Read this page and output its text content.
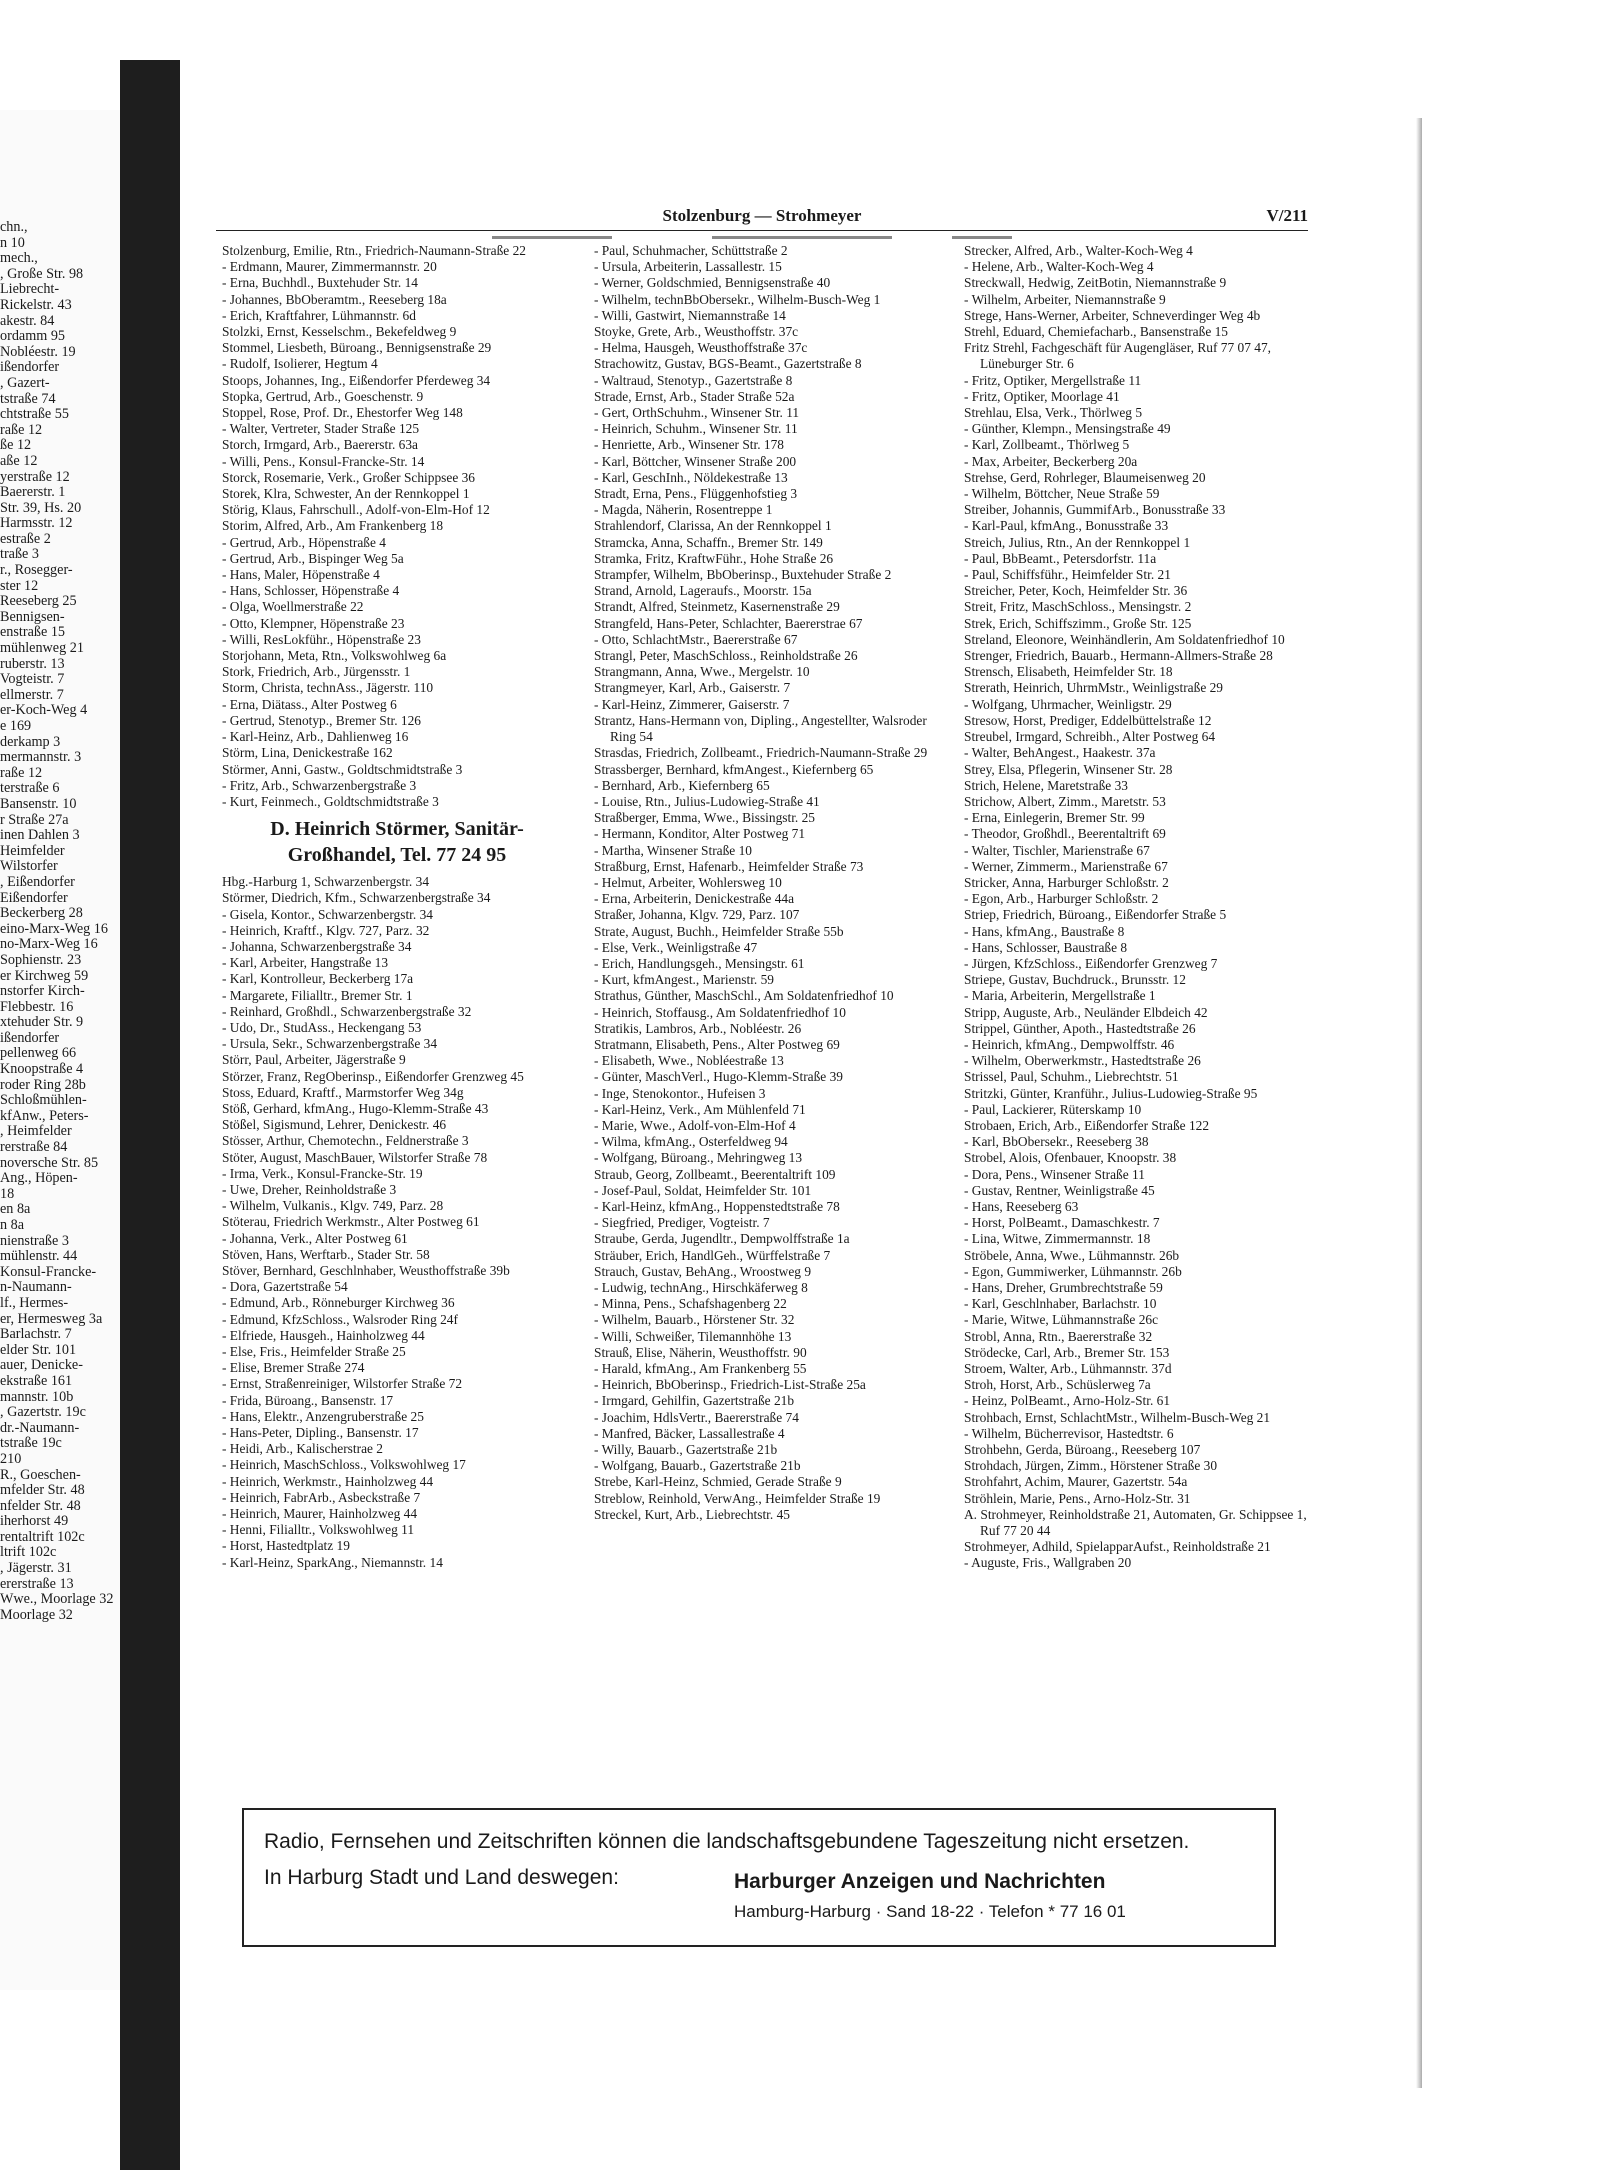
chn.,
n 10
mech.,
, Große Str. 98
Liebrecht-
Rickelstr. 43
akestr. 84
ordamm 95
Nobléestr. 19
ißendorfer
, Gazert-
tstraße 74
chtstraße 55
raße 12
ße 12
aße 12
yerstraße 12
Baererstr. 1
Str. 39, Hs. 20
Harmsstr. 12
estraße 2
traße 3
r., Rosegger-
ster 12
Reeseberg 25
Bennigsen-
enstraße 15
mühlenweg 21
ruberstr. 13
Vogteistr. 7
ellmerstr. 7
er-Koch-Weg 4
e 169
derkamp 3
mermannstr. 3
raße 12
terstraße 6
Bansenstr. 10
r Straße 27a
inen Dahlen 3
Heimfelder
Wilstorfer
, Eißendorfer
Eißendorfer
Beckerberg 28
eino-Marx-Weg 16
no-Marx-Weg 16
Sophienstr. 23
er Kirchweg 59
nstorfer Kirch-
Flebbestr. 16
xtehuder Str. 9
ißendorfer
pellenweg 66
Knoopstraße 4
roder Ring 28b
Schloßmühlen-
kfAnw., Peters-
, Heimfelder
rerstraße 84
noversche Str. 85
Ang., Höpen-
18
en 8a
n 8a
nienstraße 3
mühlenstr. 44
Konsul-Francke-
n-Naumann-
lf., Hermes-
er, Hermesweg 3a
Barlachstr. 7
elder Str. 101
auer, Denicke-
ekstraße 161
mannstr. 10b
, Gazertstr. 19c
dr.-Naumann-
tstraße 19c
210
R., Goeschen-
mfelder Str. 48
nfelder Str. 48
iherhorst 49
rentaltrift 102c
ltrift 102c
, Jägerstr. 31
ererstraße 13
Wwe., Moorlage 32
Moorlage 32
Stolzenburg — Strohmeyer	V/211
Stolzenburg, Emilie, Rtn., Friedrich-Naumann-Straße 22
- Erdmann, Maurer, Zimmermannstr. 20
- Erna, Buchhdl., Buxtehuder Str. 14
- Johannes, BbOberamtm., Reeseberg 18a
- Erich, Kraftfahrer, Lühmannstr. 6d
Stolzki, Ernst, Kesselschm., Bekefeldweg 9
Stommel, Liesbeth, Büroang., Bennigsenstraße 29
- Rudolf, Isolierer, Hegtum 4
Stoops, Johannes, Ing., Eißendorfer Pferdeweg 34
Stopka, Gertrud, Arb., Goeschenstr. 9
Stoppel, Rose, Prof. Dr., Ehestorfer Weg 148
- Walter, Vertreter, Stader Straße 125
Storch, Irmgard, Arb., Baererstr. 63a
- Willi, Pens., Konsul-Francke-Str. 14
Storck, Rosemarie, Verk., Großer Schippsee 36
Storek, Klra, Schwester, An der Rennkoppel 1
Störig, Klaus, Fahrschull., Adolf-von-Elm-Hof 12
Storim, Alfred, Arb., Am Frankenberg 18
- Gertrud, Arb., Höpenstraße 4
- Gertrud, Arb., Bispinger Weg 5a
- Hans, Maler, Höpenstraße 4
- Hans, Schlosser, Höpenstraße 4
- Olga, Woellmerstraße 22
- Otto, Klempner, Höpenstraße 23
- Willi, ResLokführ., Höpenstraße 23
Storjohann, Meta, Rtn., Volkswohlweg 6a
Stork, Friedrich, Arb., Jürgensstr. 1
Storm, Christa, technAss., Jägerstr. 110
- Erna, Diätass., Alter Postweg 6
- Gertrud, Stenotyp., Bremer Str. 126
- Karl-Heinz, Arb., Dahlienweg 16
Störm, Lina, Denickestraße 162
Störmer, Anni, Gastw., Goldtschmidtstraße 3
- Fritz, Arb., Schwarzenbergstraße 3
- Kurt, Feinmech., Goldtschmidtstraße 3
D. Heinrich Störmer, Sanitär-
Großhandel, Tel. 77 24 95
Hbg.-Harburg 1, Schwarzenbergstr. 34
Störmer, Diedrich, Kfm., Schwarzenbergstraße 34
- Gisela, Kontor., Schwarzenbergstr. 34
- Heinrich, Kraftf., Klgv. 727, Parz. 32
- Johanna, Schwarzenbergstraße 34
- Karl, Arbeiter, Hangstraße 13
- Karl, Kontrolleur, Beckerberg 17a
- Margarete, Filialltr., Bremer Str. 1
- Reinhard, Großhdl., Schwarzenbergstraße 32
- Udo, Dr., StudAss., Heckengang 53
- Ursula, Sekr., Schwarzenbergstraße 34
Störr, Paul, Arbeiter, Jägerstraße 9
Störzer, Franz, RegOberinsp., Eißendorfer Grenzweg 45
Stoss, Eduard, Kraftf., Marmstorfer Weg 34g
Stöß, Gerhard, kfmAng., Hugo-Klemm-Straße 43
Stößel, Sigismund, Lehrer, Denickestr. 46
Stösser, Arthur, Chemotechn., Feldnerstraße 3
Stöter, August, MaschBauer, Wilstorfer Straße 78
- Irma, Verk., Konsul-Francke-Str. 19
- Uwe, Dreher, Reinholdstraße 3
- Wilhelm, Vulkanis., Klgv. 749, Parz. 28
Stöterau, Friedrich Werkmstr., Alter Postweg 61
- Johanna, Verk., Alter Postweg 61
Stöven, Hans, Werftarb., Stader Str. 58
Stöver, Bernhard, Geschlnhaber, Weusthoffstraße 39b
- Dora, Gazertstraße 54
- Edmund, Arb., Rönneburger Kirchweg 36
- Edmund, KfzSchloss., Walsroder Ring 24f
- Elfriede, Hausgeh., Hainholzweg 44
- Else, Fris., Heimfelder Straße 25
- Elise, Bremer Straße 274
- Ernst, Straßenreiniger, Wilstorfer Straße 72
- Frida, Büroang., Bansenstr. 17
- Hans, Elektr., Anzengruberstraße 25
- Hans-Peter, Dipling., Bansenstr. 17
- Heidi, Arb., Kalischerstrae 2
- Heinrich, MaschSchloss., Volkswohlweg 17
- Heinrich, Werkmstr., Hainholzweg 44
- Heinrich, FabrArb., Asbeckstraße 7
- Heinrich, Maurer, Hainholzweg 44
- Henni, Filialltr., Volkswohlweg 11
- Horst, Hastedtplatz 19
- Karl-Heinz, SparkAng., Niemannstr. 14
- Paul, Schuhmacher, Schüttstraße 2
- Ursula, Arbeiterin, Lassallestr. 15
- Werner, Goldschmied, Bennigsenstraße 40
- Wilhelm, technBbObersekr., Wilhelm-Busch-Weg 1
- Willi, Gastwirt, Niemannstraße 14
Stoyke, Grete, Arb., Weusthoffstr. 37c
- Helma, Hausgeh, Weusthoffstraße 37c
Strachowitz, Gustav, BGS-Beamt., Gazertstraße 8
- Waltraud, Stenotyp., Gazertstraße 8
Strade, Ernst, Arb., Stader Straße 52a
- Gert, OrthSchuhm., Winsener Str. 11
- Heinrich, Schuhm., Winsener Str. 11
- Henriette, Arb., Winsener Str. 178
- Karl, Böttcher, Winsener Straße 200
- Karl, GeschInh., Nöldekestraße 13
Stradt, Erna, Pens., Flüggenhofstieg 3
- Magda, Näherin, Rosentreppe 1
Strahlendorf, Clarissa, An der Rennkoppel 1
Stramcka, Anna, Schaffn., Bremer Str. 149
Stramka, Fritz, KraftwFühr., Hohe Straße 26
Strampfer, Wilhelm, BbOberinsp., Buxtehuder Straße 2
Strand, Arnold, Lageraufs., Moorstr. 15a
Strandt, Alfred, Steinmetz, Kasernenstraße 29
Strangfeld, Hans-Peter, Schlachter, Baererstrae 67
- Otto, SchlachtMstr., Baererstraße 67
Strangl, Peter, MaschSchloss., Reinholdstraße 26
Strangmann, Anna, Wwe., Mergelstr. 10
Strangmeyer, Karl, Arb., Gaiserstr. 7
- Karl-Heinz, Zimmerer, Gaiserstr. 7
Strantz, Hans-Hermann von, Dipling., Angestellter, Walsroder Ring 54
Strasdas, Friedrich, Zollbeamt., Friedrich-Naumann-Straße 29
Strassberger, Bernhard, kfmAngest., Kiefernberg 65
- Bernhard, Arb., Kiefernberg 65
- Louise, Rtn., Julius-Ludowieg-Straße 41
Straßberger, Emma, Wwe., Bissingstr. 25
- Hermann, Konditor, Alter Postweg 71
- Martha, Winsener Straße 10
Straßburg, Ernst, Hafenarb., Heimfelder Straße 73
- Helmut, Arbeiter, Wohlersweg 10
- Erna, Arbeiterin, Denickestraße 44a
Straßer, Johanna, Klgv. 729, Parz. 107
Strate, August, Buchh., Heimfelder Straße 55b
- Else, Verk., Weinligstraße 47
- Erich, Handlungsgeh., Mensingstr. 61
- Kurt, kfmAngest., Marienstr. 59
Strathus, Günther, MaschSchl., Am Soldatenfriedhof 10
- Heinrich, Stoffausg., Am Soldatenfriedhof 10
Stratikis, Lambros, Arb., Nobléestr. 26
Stratmann, Elisabeth, Pens., Alter Postweg 69
- Elisabeth, Wwe., Nobléestraße 13
- Günter, MaschVerl., Hugo-Klemm-Straße 39
- Inge, Stenokontor., Hufeisen 3
- Karl-Heinz, Verk., Am Mühlenfeld 71
- Marie, Wwe., Adolf-von-Elm-Hof 4
- Wilma, kfmAng., Osterfeldweg 94
- Wolfgang, Büroang., Mehringweg 13
Straub, Georg, Zollbeamt., Beerentaltrift 109
- Josef-Paul, Soldat, Heimfelder Str. 101
- Karl-Heinz, kfmAng., Hoppenstedtstraße 78
- Siegfried, Prediger, Vogteistr. 7
Straube, Gerda, Jugendltr., Dempwolffstraße 1a
Sträuber, Erich, HandlGeh., Würffelstraße 7
Strauch, Gustav, BehAng., Wroostweg 9
- Ludwig, technAng., Hirschkäferweg 8
- Minna, Pens., Schafshagenberg 22
- Wilhelm, Bauarb., Hörstener Str. 32
- Willi, Schweißer, Tilemannhöhe 13
Strauß, Elise, Näherin, Weusthoffstr. 90
- Harald, kfmAng., Am Frankenberg 55
- Heinrich, BbOberinsp., Friedrich-List-Straße 25a
- Irmgard, Gehilfin, Gazertstraße 21b
- Joachim, HdlsVertr., Baererstraße 74
- Manfred, Bäcker, Lassallestraße 4
- Willy, Bauarb., Gazertstraße 21b
- Wolfgang, Bauarb., Gazertstraße 21b
Strebe, Karl-Heinz, Schmied, Gerade Straße 9
Streblow, Reinhold, VerwAng., Heimfelder Straße 19
Streckel, Kurt, Arb., Liebrechtstr. 45
Strecker, Alfred, Arb., Walter-Koch-Weg 4
- Helene, Arb., Walter-Koch-Weg 4
Streckwall, Hedwig, ZeitBotin, Niemannstraße 9
- Wilhelm, Arbeiter, Niemannstraße 9
Strege, Hans-Werner, Arbeiter, Schneverdinger Weg 4b
Strehl, Eduard, Chemiefacharb., Bansenstraße 15
Fritz Strehl, Fachgeschäft für Augengläser, Ruf 77 07 47, Lüneburger Str. 6
- Fritz, Optiker, Mergellstraße 11
- Fritz, Optiker, Moorlage 41
Strehlau, Elsa, Verk., Thörlweg 5
- Günther, Klempn., Mensingstraße 49
- Karl, Zollbeamt., Thörlweg 5
- Max, Arbeiter, Beckerberg 20a
Strehse, Gerd, Rohrleger, Blaumeisenweg 20
- Wilhelm, Böttcher, Neue Straße 59
Streiber, Johannis, GummifArb., Bonusstraße 33
- Karl-Paul, kfmAng., Bonusstraße 33
Streich, Julius, Rtn., An der Rennkoppel 1
- Paul, BbBeamt., Petersdorfstr. 11a
- Paul, Schiffsführ., Heimfelder Str. 21
Streicher, Peter, Koch, Heimfelder Str. 36
Streit, Fritz, MaschSchloss., Mensingstr. 2
Strek, Erich, Schiffszimm., Große Str. 125
Streland, Eleonore, Weinhändlerin, Am Soldatenfriedhof 10
Strenger, Friedrich, Bauarb., Hermann-Allmers-Straße 28
Strensch, Elisabeth, Heimfelder Str. 18
Strerath, Heinrich, UhrmMstr., Weinligstraße 29
- Wolfgang, Uhrmacher, Weinligstr. 29
Stresow, Horst, Prediger, Eddelbüttelstraße 12
Streubel, Irmgard, Schreibh., Alter Postweg 64
- Walter, BehAngest., Haakestr. 37a
Strey, Elsa, Pflegerin, Winsener Str. 28
Strich, Helene, Maretstraße 33
Strichow, Albert, Zimm., Maretstr. 53
- Erna, Einlegerin, Bremer Str. 99
- Theodor, Großhdl., Beerentaltrift 69
- Walter, Tischler, Marienstraße 67
- Werner, Zimmerm., Marienstraße 67
Stricker, Anna, Harburger Schloßstr. 2
- Egon, Arb., Harburger Schloßstr. 2
Striep, Friedrich, Büroang., Eißendorfer Straße 5
- Hans, kfmAng., Baustraße 8
- Hans, Schlosser, Baustraße 8
- Jürgen, KfzSchloss., Eißendorfer Grenzweg 7
Striepe, Gustav, Buchdruck., Brunsstr. 12
- Maria, Arbeiterin, Mergellstraße 1
Stripp, Auguste, Arb., Neuländer Elbdeich 42
Strippel, Günther, Apoth., Hastedtstraße 26
- Heinrich, kfmAng., Dempwolffstr. 46
- Wilhelm, Oberwerkmstr., Hastedtstraße 26
Strissel, Paul, Schuhm., Liebrechtstr. 51
Stritzki, Günter, Kranführ., Julius-Ludowieg-Straße 95
- Paul, Lackierer, Rüterskamp 10
Strobaen, Erich, Arb., Eißendorfer Straße 122
- Karl, BbObersekr., Reeseberg 38
Strobel, Alois, Ofenbauer, Knoopstr. 38
- Dora, Pens., Winsener Straße 11
- Gustav, Rentner, Weinligstraße 45
- Hans, Reeseberg 63
- Horst, PolBeamt., Damaschkestr. 7
- Lina, Witwe, Zimmermannstr. 18
Ströbele, Anna, Wwe., Lühmannstr. 26b
- Egon, Gummiwerker, Lühmannstr. 26b
- Hans, Dreher, Grumbrechtstraße 59
- Karl, Geschlnhaber, Barlachstr. 10
- Marie, Witwe, Lühmannstraße 26c
Strobl, Anna, Rtn., Baererstraße 32
Strödecke, Carl, Arb., Bremer Str. 153
Stroem, Walter, Arb., Lühmannstr. 37d
Stroh, Horst, Arb., Schüslerweg 7a
- Heinz, PolBeamt., Arno-Holz-Str. 61
Strohbach, Ernst, SchlachtMstr., Wilhelm-Busch-Weg 21
- Wilhelm, Bücherrevisor, Hastedtstr. 6
Strohbehn, Gerda, Büroang., Reeseberg 107
Strohdach, Jürgen, Zimm., Hörstener Straße 30
Strohfahrt, Achim, Maurer, Gazertstr. 54a
Ströhlein, Marie, Pens., Arno-Holz-Str. 31
A. Strohmeyer, Reinholdstraße 21, Automaten, Gr. Schippsee 1, Ruf 77 20 44
Strohmeyer, Adhild, SpielapparAufst., Reinholdstraße 21
- Auguste, Fris., Wallgraben 20
Radio, Fernsehen und Zeitschriften können die landschaftsgebundene Tageszeitung nicht ersetzen.
In Harburg Stadt und Land deswegen:	Harburger Anzeigen und Nachrichten
Hamburg-Harburg · Sand 18-22 · Telefon * 77 16 01
